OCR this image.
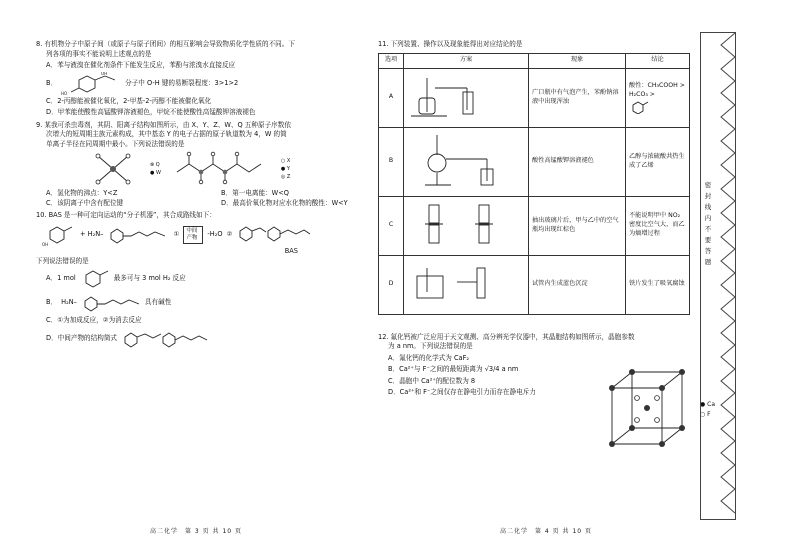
8. 有机物分子中原子间（或原子与原子团间）的相互影响会导致物质化学性质的不同。下
列各项的事实不能说明上述观点的是
A．苯与液溴在催化剂条件下能发生反应，苯酚与浓溴水直接反应
B．
OH
HO
分子中 O-H 键的易断裂程度：3>1>2
C．2-丙醇能被催化氧化，2-甲基-2-丙醇不能被催化氧化
D．甲苯能使酸性高锰酸钾溶液褪色，甲烷不能使酸性高锰酸钾溶液褪色
9. 某我可杀虫毒剂，其阴、阳离子结构如图所示，由 X、Y、Z、W、Q 五种原子序数依
次增大的短周期主族元素构成，其中基态 Y 的电子占据的原子轨道数为 4，W 的简
单离子半径在同周期中最小。下列说法错误的是
⊗ Q
● W
○ X
● Y
◎ Z
A．氢化物的沸点：Y<Z	B．第一电离能：W<Q
C．该阴离子中含有配位键	D．最高价氧化物对应水化物的酸性：W<Y
10. BAS 是一种可定向运动的“分子机器”，其合成路线如下：
OH
+ H₂N–	①	中间产物	-H₂O ②
BAS
下列说法错误的是
A．1 mol	最多可与 3 mol H₂ 反应
B． H₂N–	具有碱性
C．①为加成反应，②为消去反应
D．中间产物的结构简式
11. 下列装置、操作以及现象能得出对应结论的是
选项	方案	现象	结论
A		广口瓶中有气泡产生，苯酚钠溶液中出现浑浊	酸性：CH₃COOH > H₂CO₃ >

B		酸性高锰酸钾溶液褪色	乙醇与浓硫酸共热生成了乙烯
C		抽出玻璃片后，甲与乙中的空气瓶均出现红棕色	不能说明甲中 NO₂ 密度比空气大，而乙为熵增过程
D		试管内生成蓝色沉淀	铁片发生了吸氧腐蚀
12. 氟化钙被广泛应用于天文观测、高分辨光学仪器中，其晶胞结构如图所示，晶胞参数
为 a nm。下列说法错误的是
A．氟化钙的化学式为 CaF₂
B．Ca²⁺与 F⁻之间的最短距离为 √3/4 a nm
C．晶胞中 Ca²⁺的配位数为 8
D．Ca²⁺和 F⁻之间仅存在静电引力而存在静电斥力
● Ca
○ F
高二化学　第 3 页 共 10 页	高二化学　第 4 页 共 10 页
密 封 线 内 不 要 答 题
